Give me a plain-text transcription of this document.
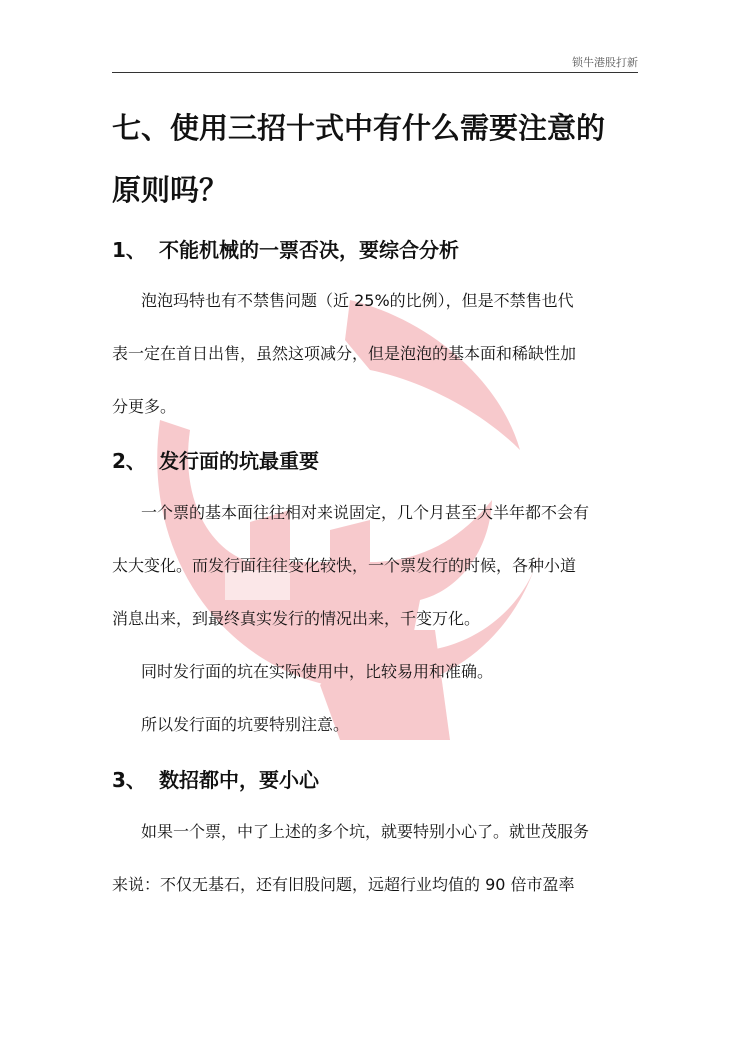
锁牛港股打新
七、使用三招十式中有什么需要注意的
原则吗？
1、 不能机械的一票否决，要综合分析

泡泡玛特也有不禁售问题（近 25%的比例），但是不禁售也代

表一定在首日出售，虽然这项减分，但是泡泡的基本面和稀缺性加

分更多。

2、 发行面的坑最重要

一个票的基本面往往相对来说固定，几个月甚至大半年都不会有

太大变化。而发行面往往变化较快，一个票发行的时候，各种小道

消息出来，到最终真实发行的情况出来，千变万化。

同时发行面的坑在实际使用中，比较易用和准确。

所以发行面的坑要特别注意。

3、 数招都中，要小心

如果一个票，中了上述的多个坑，就要特别小心了。就世茂服务

来说：不仅无基石，还有旧股问题，远超行业均值的 90 倍市盈率
